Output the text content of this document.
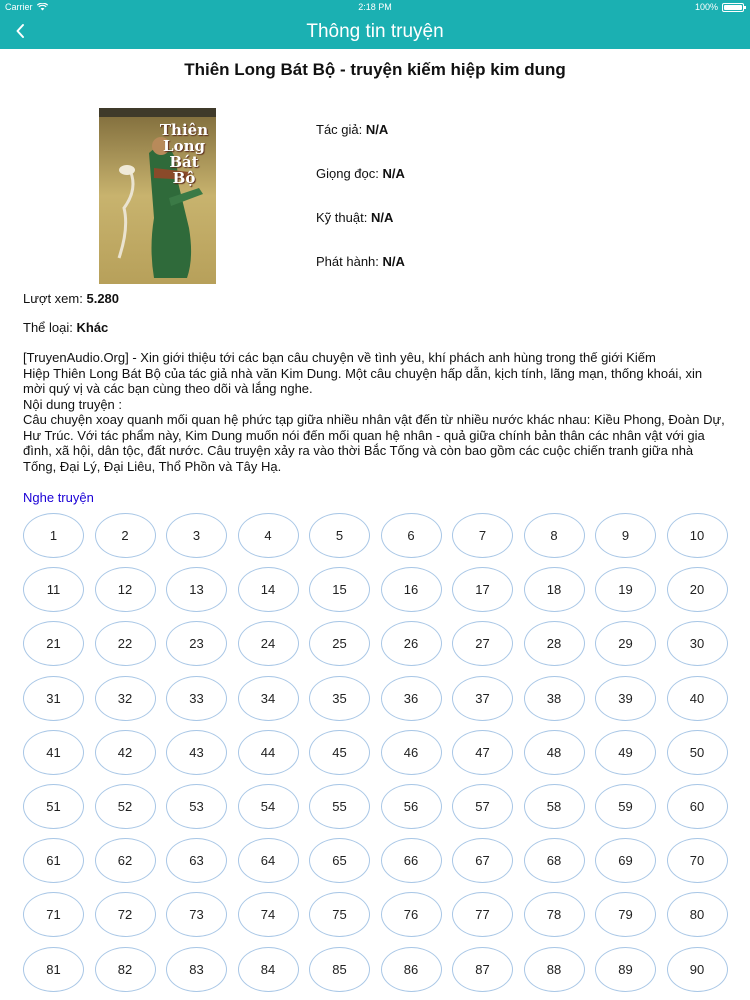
Carrier	2:18 PM	100%
Thông tin truyện
Thiên Long Bát Bộ - truyện kiếm hiệp kim dung
Thiên
Long
Bát
Bộ
Tác giả: N/A
Giọng đọc: N/A
Kỹ thuật: N/A
Phát hành: N/A
Lượt xem: 5.280
Thể loại: Khác

[TruyenAudio.Org] - Xin giới thiệu tới các bạn câu chuyện về tình yêu, khí phách anh hùng trong thế giới Kiếm

Hiệp Thiên Long Bát Bộ của tác giả nhà văn Kim Dung. Một câu chuyện hấp dẫn, kịch tính, lãng mạn, thống khoái, xin

mời quý vị và các bạn cùng theo dõi và lắng nghe.

Nội dung truyện :

Câu chuyện xoay quanh mối quan hệ phức tạp giữa nhiều nhân vật đến từ nhiều nước khác nhau: Kiều Phong, Đoàn Dự,

Hư Trúc. Với tác phẩm này, Kim Dung muốn nói đến mối quan hệ nhân - quả giữa chính bản thân các nhân vật với gia

đình, xã hội, dân tộc, đất nước. Câu truyện xảy ra vào thời Bắc Tống và còn bao gồm các cuộc chiến tranh giữa nhà

Tống, Đại Lý, Đại Liêu, Thổ Phồn và Tây Hạ.

Nghe truyện
1	2	3	4	5	6	7	8	9	10
11	12	13	14	15	16	17	18	19	20
21	22	23	24	25	26	27	28	29	30
31	32	33	34	35	36	37	38	39	40
41	42	43	44	45	46	47	48	49	50
51	52	53	54	55	56	57	58	59	60
61	62	63	64	65	66	67	68	69	70
71	72	73	74	75	76	77	78	79	80
81	82	83	84	85	86	87	88	89	90
